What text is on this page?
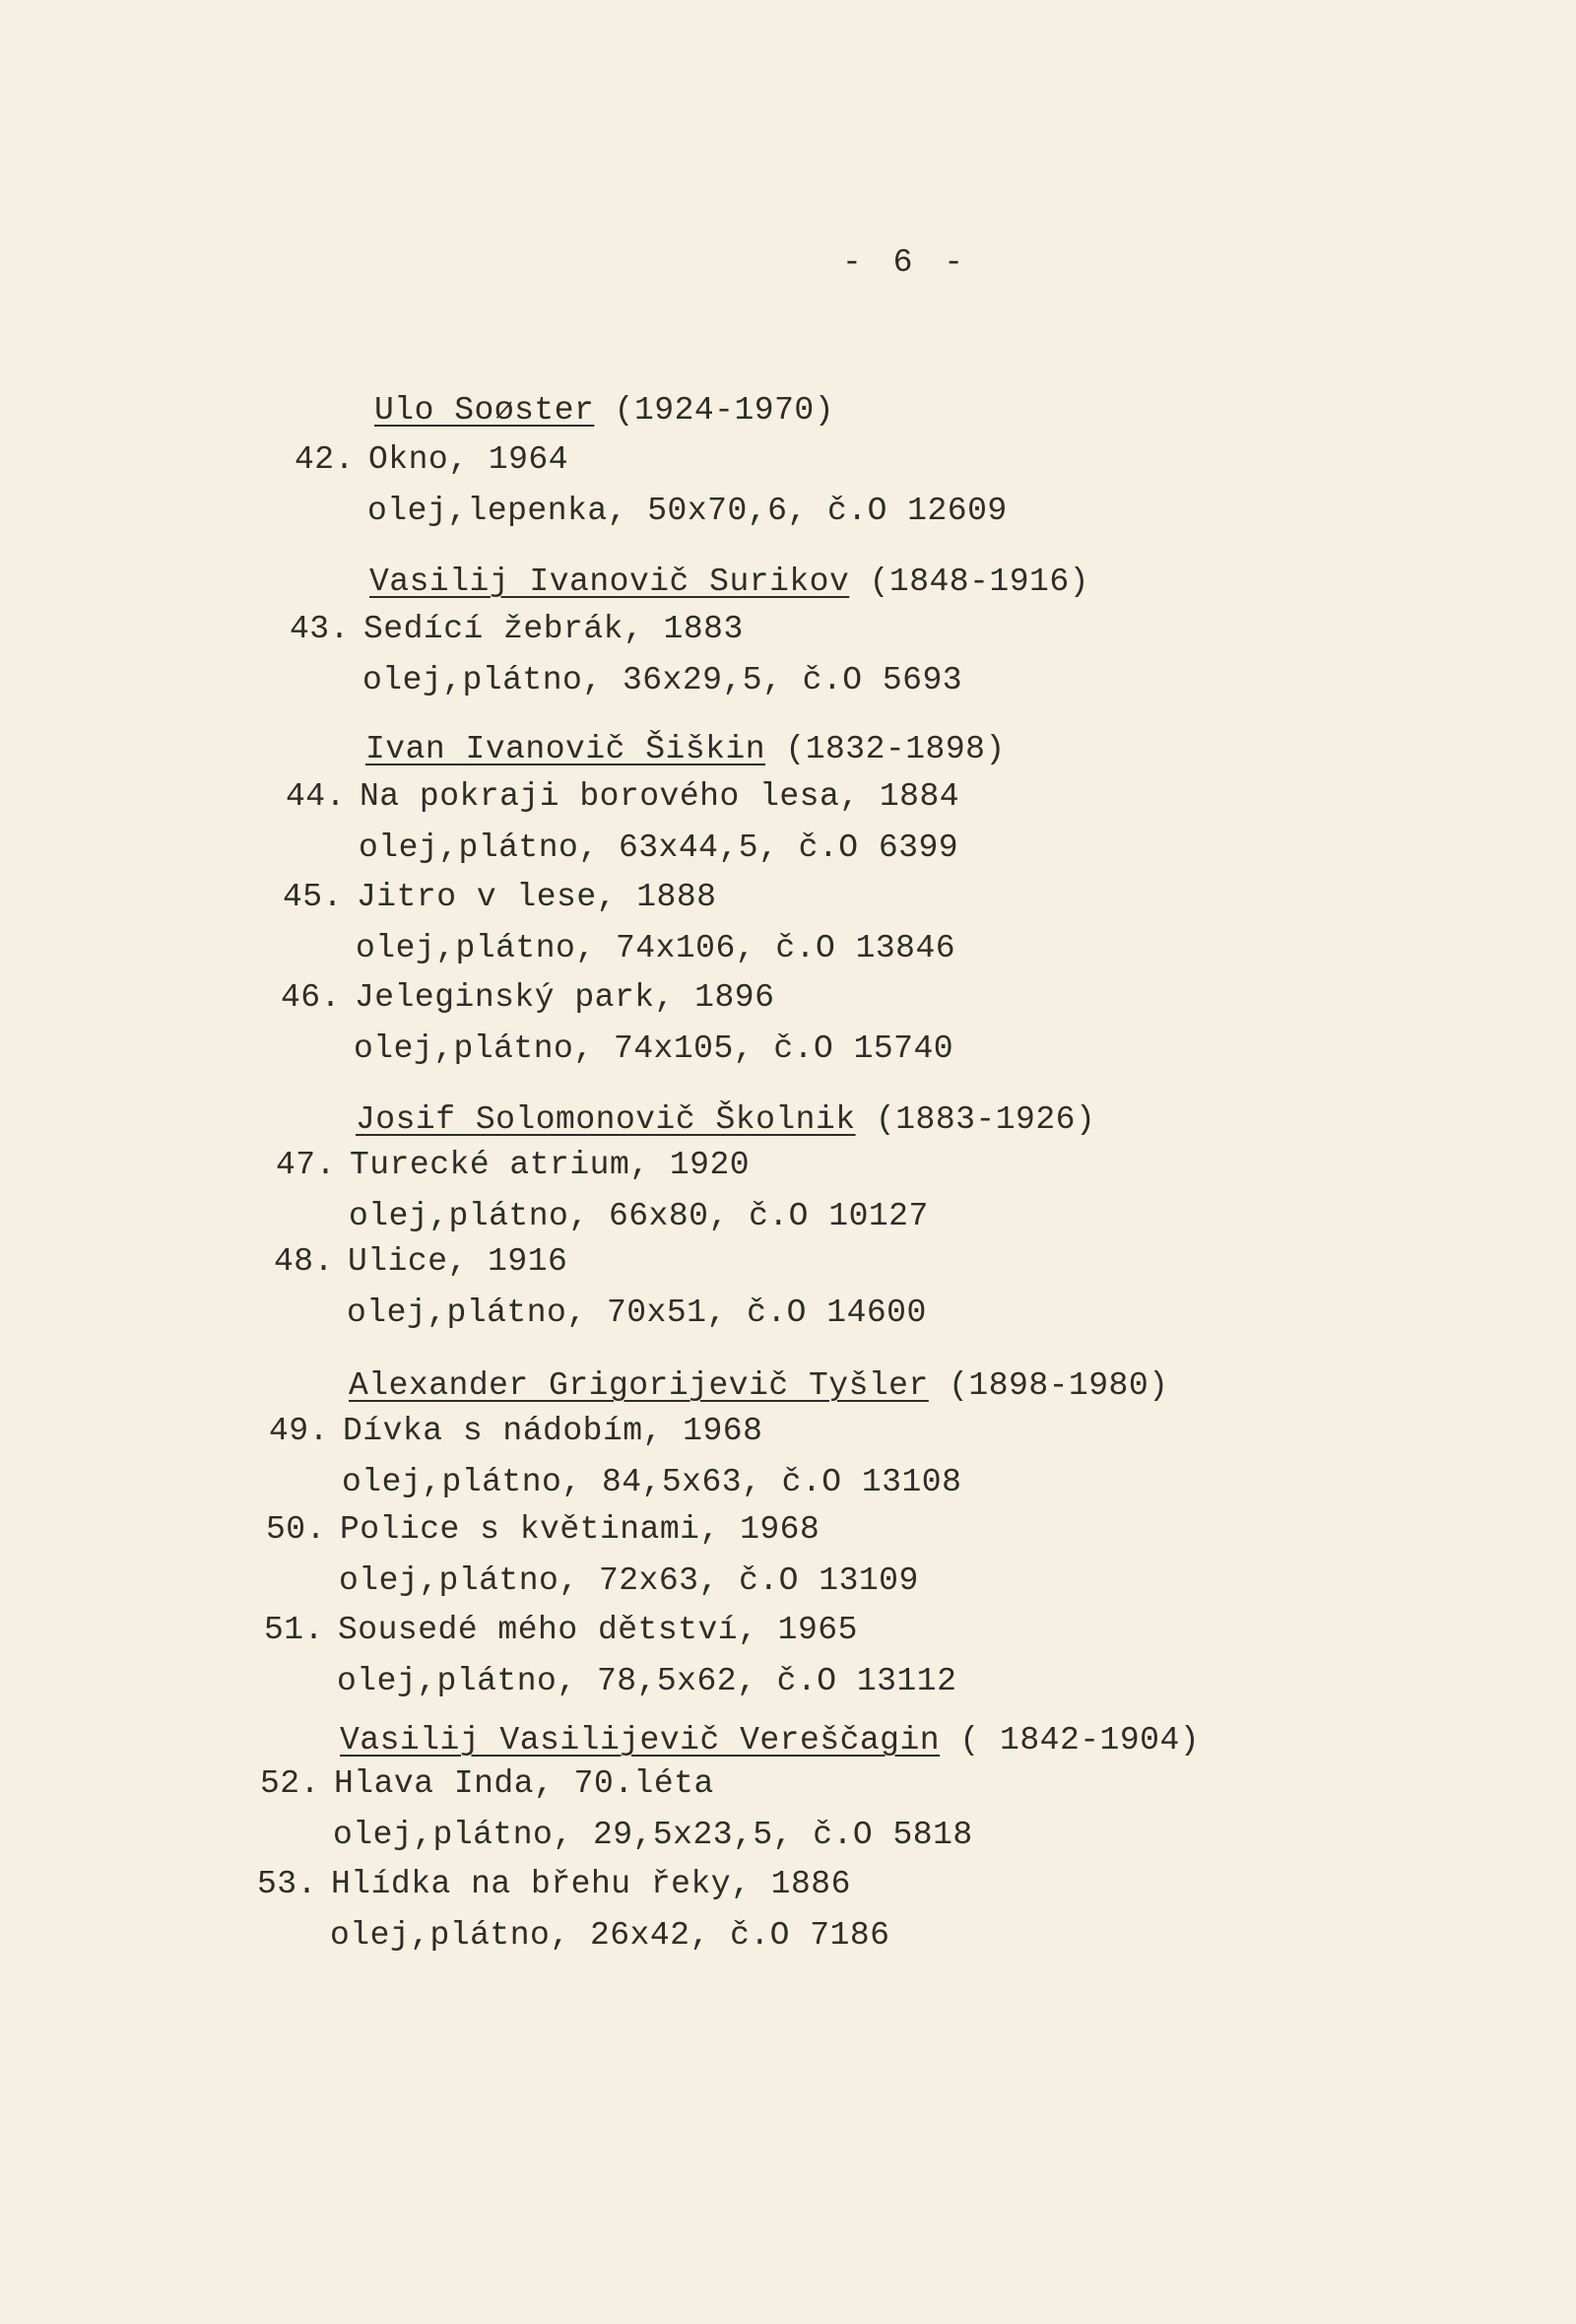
- 6 -
Ulo Soøster (1924-1970)
42. Okno, 1964
olej,lepenka, 50x70,6, č.O 12609
Vasilij Ivanovič Surikov (1848-1916)
43. Sedící žebrák, 1883
olej,plátno, 36x29,5, č.O 5693
Ivan Ivanovič Šiškin (1832-1898)
44. Na pokraji borového lesa, 1884
olej,plátno, 63x44,5, č.O 6399
45. Jitro v lese, 1888
olej,plátno, 74x106, č.O 13846
46. Jeleginský park, 1896
olej,plátno, 74x105, č.O 15740
Josif Solomonovič Školnik (1883-1926)
47. Turecké atrium, 1920
olej,plátno, 66x80, č.O 10127
48. Ulice, 1916
olej,plátno, 70x51, č.O 14600
Alexander Grigorijevič Tyšler (1898-1980)
49. Dívka s nádobím, 1968
olej,plátno, 84,5x63, č.O 13108
50. Police s květinami, 1968
olej,plátno, 72x63, č.O 13109
51. Sousedé mého dětství, 1965
olej,plátno, 78,5x62, č.O 13112
Vasilij Vasilijevič Vereščagin ( 1842-1904)
52. Hlava Inda, 70.léta
olej,plátno, 29,5x23,5, č.O 5818
53. Hlídka na břehu řeky, 1886
olej,plátno, 26x42, č.O 7186
